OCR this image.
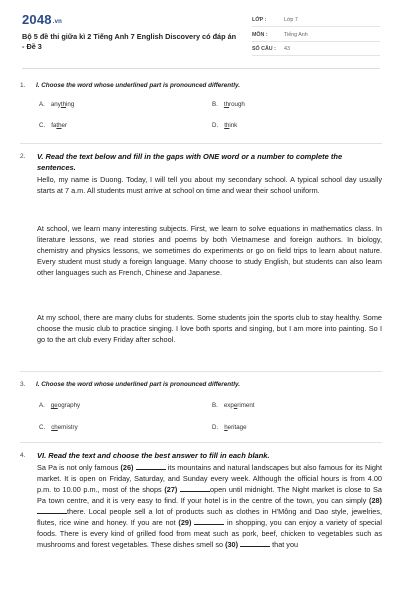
2048.vn
Bộ 5 đề thi giữa kì 2 Tiếng Anh 7 English Discovery có đáp án - Đề 3
LỚP :	Lớp 7
MÔN :	Tiếng Anh
SỐ CÂU : 43
1. I. Choose the word whose underlined part is pronounced differently.
A. anything	B. through
C. father	D. think
2. V. Read the text below and fill in the gaps with ONE word or a number to complete the sentences.

Hello, my name is Duong. Today, I will tell you about my secondary school. A typical school day usually starts at 7 a.m. All students must arrive at school on time and wear their school uniform.

At school, we learn many interesting subjects. First, we learn to solve equations in mathematics class. In literature lessons, we read stories and poems by both Vietnamese and foreign authors. In biology, chemistry and physics lessons, we sometimes do experiments or go on field trips to learn about nature. Every student must study a foreign language. Many choose to study English, but students can also learn other languages such as French, Chinese and Japanese.

At my school, there are many clubs for students. Some students join the sports club to stay healthy. Some choose the music club to practice singing. I love both sports and singing, but I am more into painting. So I go to the art club every Friday after school.

3. I. Choose the word whose underlined part is pronounced differently.
A. geography	B. experiment
C. chemistry	D. heritage
4. VI. Read the text and choose the best answer to fill in each blank.

Sa Pa is not only famous (26)	its mountains and natural landscapes but also famous for its Night market. It is open on Friday, Saturday, and Sunday every week. Although the official hours is from 4.00 p.m. to 10.00 p.m., most of the shops (27)	open until midnight. The Night market is close to Sa Pa town centre, and it is very easy to find. If your hotel is in the centre of the town, you can simply (28) there. Local people sell a lot of products such as clothes in H'Mông and Dao style, jewelries, flutes, rice wine and honey. If you are not (29)	in shopping, you can enjoy a variety of special foods. There is every kind of grilled food from meat such as pork, beef, chicken to vegetables such as mushrooms and forest vegetables. These dishes smell so (30)	that you
